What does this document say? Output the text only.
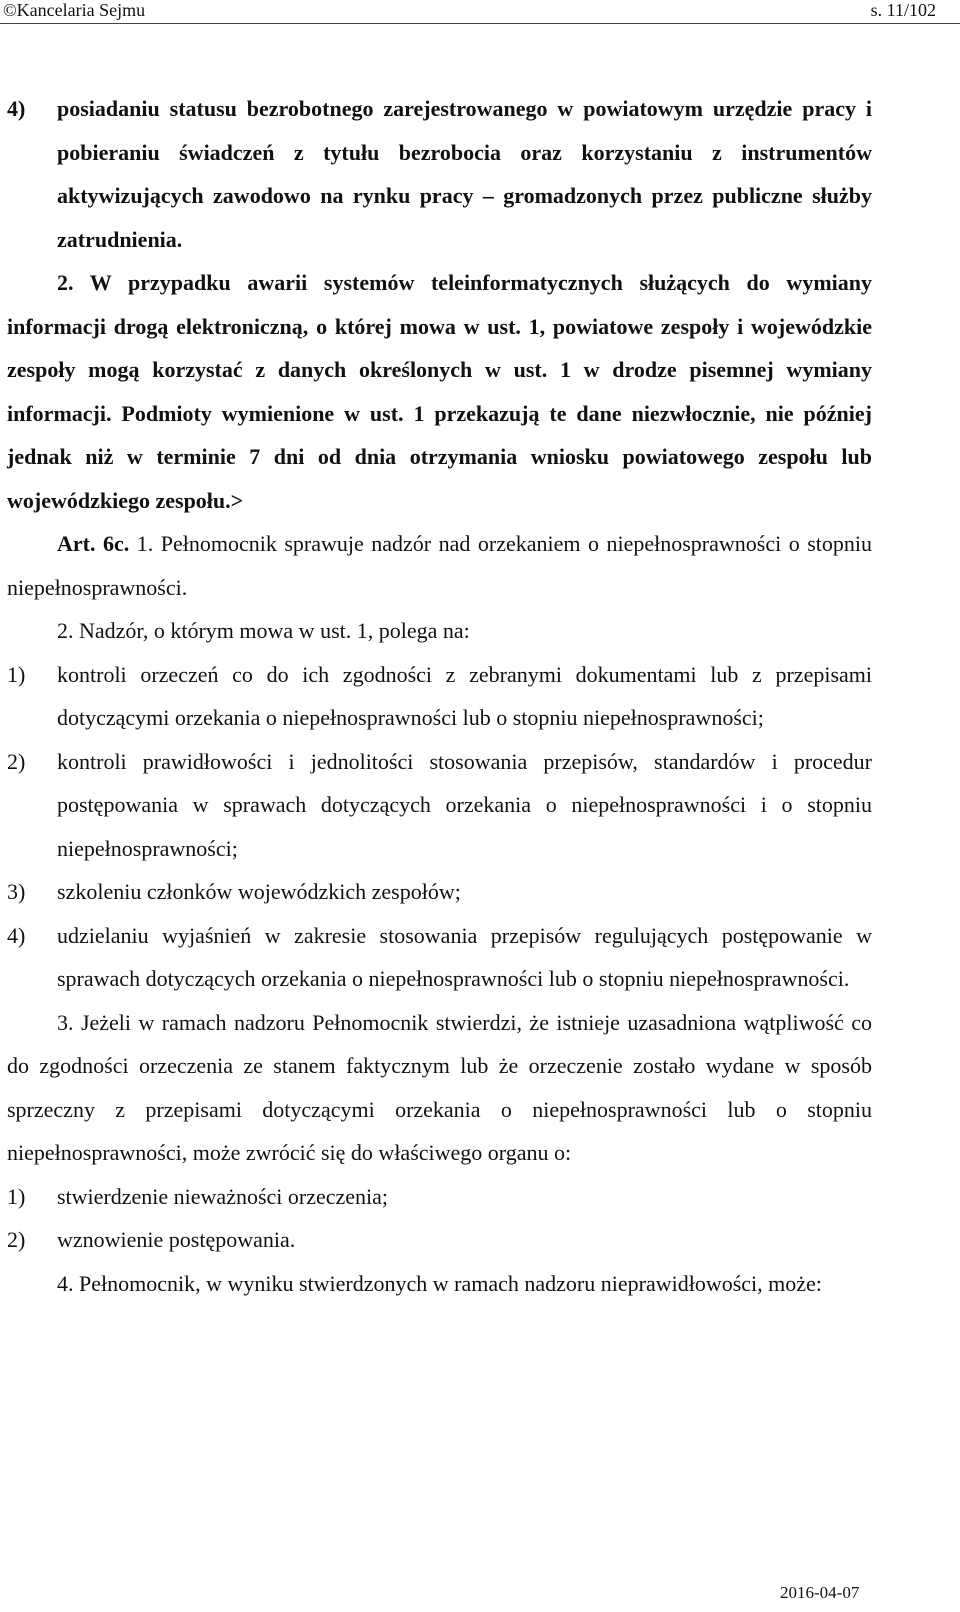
©Kancelaria Sejmu	s. 11/102
4)	posiadaniu statusu bezrobotnego zarejestrowanego w powiatowym urzędzie pracy i pobieraniu świadczeń z tytułu bezrobocia oraz korzystaniu z instrumentów aktywizujących zawodowo na rynku pracy – gromadzonych przez publiczne służby zatrudnienia.

2. W przypadku awarii systemów teleinformatycznych służących do wymiany informacji drogą elektroniczną, o której mowa w ust. 1, powiatowe zespoły i wojewódzkie zespoły mogą korzystać z danych określonych w ust. 1 w drodze pisemnej wymiany informacji. Podmioty wymienione w ust. 1 przekazują te dane niezwłocznie, nie później jednak niż w terminie 7 dni od dnia otrzymania wniosku powiatowego zespołu lub wojewódzkiego zespołu.>

Art. 6c. 1. Pełnomocnik sprawuje nadzór nad orzekaniem o niepełnosprawności o stopniu niepełnosprawności.

2. Nadzór, o którym mowa w ust. 1, polega na:

1)	kontroli orzeczeń co do ich zgodności z zebranymi dokumentami lub z przepisami dotyczącymi orzekania o niepełnosprawności lub o stopniu niepełnosprawności;
2)	kontroli prawidłowości i jednolitości stosowania przepisów, standardów i procedur postępowania w sprawach dotyczących orzekania o niepełnosprawności i o stopniu niepełnosprawności;
3)	szkoleniu członków wojewódzkich zespołów;
4)	udzielaniu wyjaśnień w zakresie stosowania przepisów regulujących postępowanie w sprawach dotyczących orzekania o niepełnosprawności lub o stopniu niepełnosprawności.

3. Jeżeli w ramach nadzoru Pełnomocnik stwierdzi, że istnieje uzasadniona wątpliwość co do zgodności orzeczenia ze stanem faktycznym lub że orzeczenie zostało wydane w sposób sprzeczny z przepisami dotyczącymi orzekania o niepełnosprawności lub o stopniu niepełnosprawności, może zwrócić się do właściwego organu o:

1)	stwierdzenie nieważności orzeczenia;
2)	wznowienie postępowania.

4. Pełnomocnik, w wyniku stwierdzonych w ramach nadzoru nieprawidłowości, może:

2016-04-07
